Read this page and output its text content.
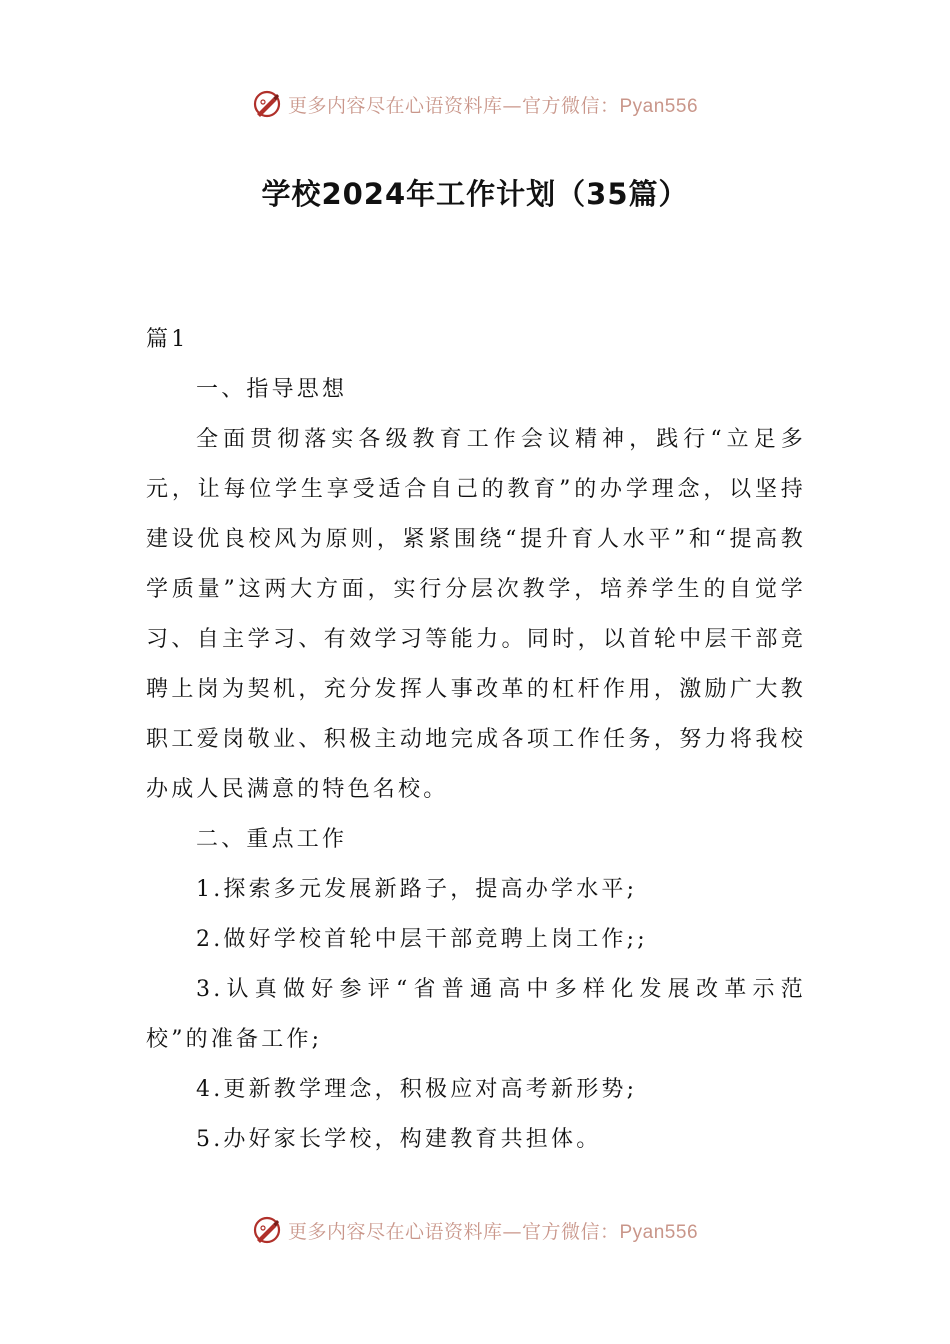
更多内容尽在心语资料库—官方微信：Pyan556
学校2024年工作计划（35篇）

篇1

一、指导思想

全面贯彻落实各级教育工作会议精神，践行“立足多元，让每位学生享受适合自己的教育”的办学理念，以坚持建设优良校风为原则，紧紧围绕“提升育人水平”和“提高教学质量”这两大方面，实行分层次教学，培养学生的自觉学习、自主学习、有效学习等能力。同时，以首轮中层干部竞聘上岗为契机，充分发挥人事改革的杠杆作用，激励广大教职工爱岗敬业、积极主动地完成各项工作任务，努力将我校办成人民满意的特色名校。

二、重点工作

1.探索多元发展新路子，提高办学水平;

2.做好学校首轮中层干部竞聘上岗工作;;

3.认真做好参评“省普通高中多样化发展改革示范校”的准备工作;

4.更新教学理念，积极应对高考新形势;

5.办好家长学校，构建教育共担体。

更多内容尽在心语资料库—官方微信：Pyan556
